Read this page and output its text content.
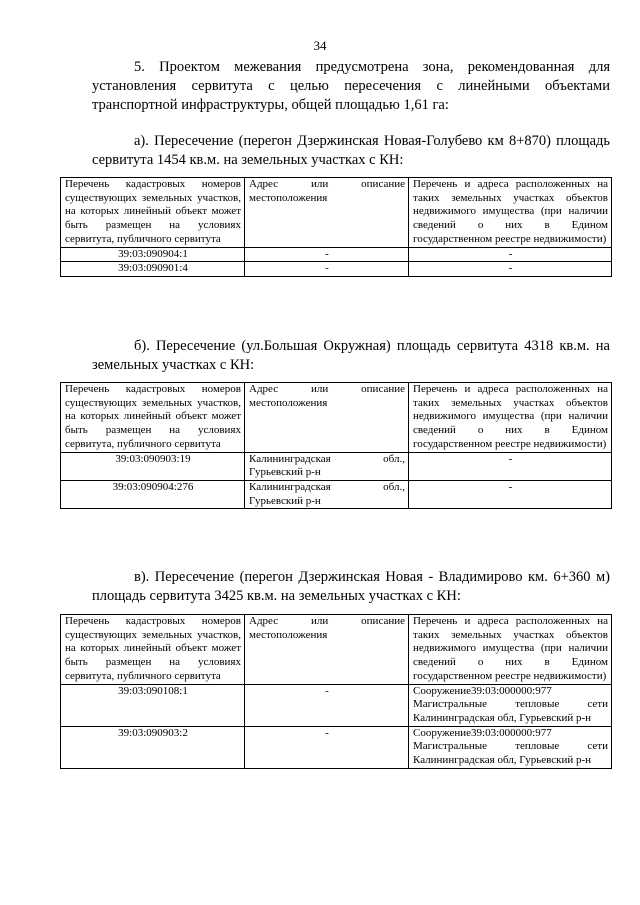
34

5. Проектом межевания предусмотрена зона, рекомендованная для установления сервитута с целью пересечения с линейными объектами транспортной инфраструктуры, общей площадью 1,61 га:

а). Пересечение (перегон Дзержинская Новая-Голубево км 8+870) площадь сервитута 1454 кв.м. на земельных участках с КН:

Перечень кадастровых номеров существующих земельных участков, на которых линейный объект может быть размещен на условиях сервитута, публичного сервитута	Адрес или описание местоположения	Перечень и адреса расположенных на таких земельных участках объектов недвижимого имущества (при наличии сведений о них в Едином государственном реестре недвижимости)
39:03:090904:1	-	-
39:03:090901:4	-	-

б). Пересечение (ул.Большая Окружная) площадь сервитута 4318 кв.м. на земельных участках с КН:

Перечень кадастровых номеров существующих земельных участков, на которых линейный объект может быть размещен на условиях сервитута, публичного сервитута	Адрес или описание местоположения	Перечень и адреса расположенных на таких земельных участках объектов недвижимого имущества (при наличии сведений о них в Едином государственном реестре недвижимости)
39:03:090903:19	Калининградская обл., Гурьевский р-н	-
39:03:090904:276	Калининградская обл., Гурьевский р-н	-

в). Пересечение (перегон Дзержинская Новая - Владимирово км. 6+360 м) площадь сервитута 3425 кв.м. на земельных участках с КН:

Перечень кадастровых номеров существующих земельных участков, на которых линейный объект может быть размещен на условиях сервитута, публичного сервитута	Адрес или описание местоположения	Перечень и адреса расположенных на таких земельных участках объектов недвижимого имущества (при наличии сведений о них в Едином государственном реестре недвижимости)
39:03:090108:1	-	Сооружение39:03:000000:977 Магистральные тепловые сети Калининградская обл, Гурьевский р-н
39:03:090903:2	-	Сооружение39:03:000000:977 Магистральные тепловые сети Калининградская обл, Гурьевский р-н
